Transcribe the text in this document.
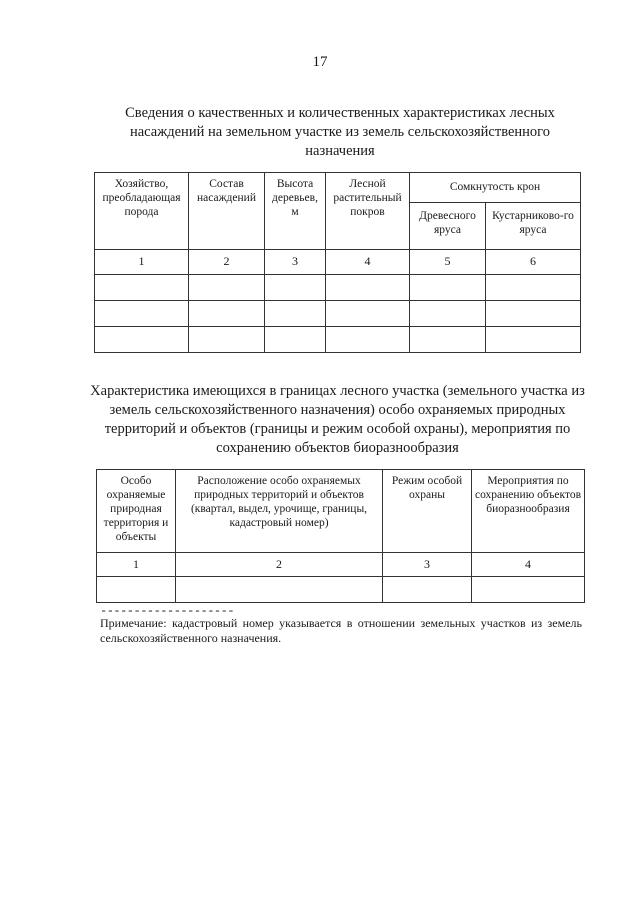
17
Сведения о качественных и количественных характеристиках лесных насаждений на земельном участке из земель сельскохозяйственного назначения
Хозяйство, преобладающая порода	Состав насаждений	Высота деревьев, м	Лесной растительный покров	Сомкнутость крон	
				Древесного яруса	Кустарниково-го яруса
1	2	3	4	5	6

Характеристика имеющихся в границах лесного участка (земельного участка из земель сельскохозяйственного назначения) особо охраняемых природных территорий и объектов (границы и режим особой охраны), мероприятия по сохранению объектов биоразнообразия
Особо охраняемые природная территория и объекты	Расположение особо охраняемых природных территорий и объектов (квартал, выдел, урочище, границы, кадастровый номер)	Режим особой охраны	Мероприятия по сохранению объектов биоразнообразия
1	2	3	4

--------------------
Примечание: кадастровый номер указывается в отношении земельных участков из земель сельскохозяйственного назначения.
